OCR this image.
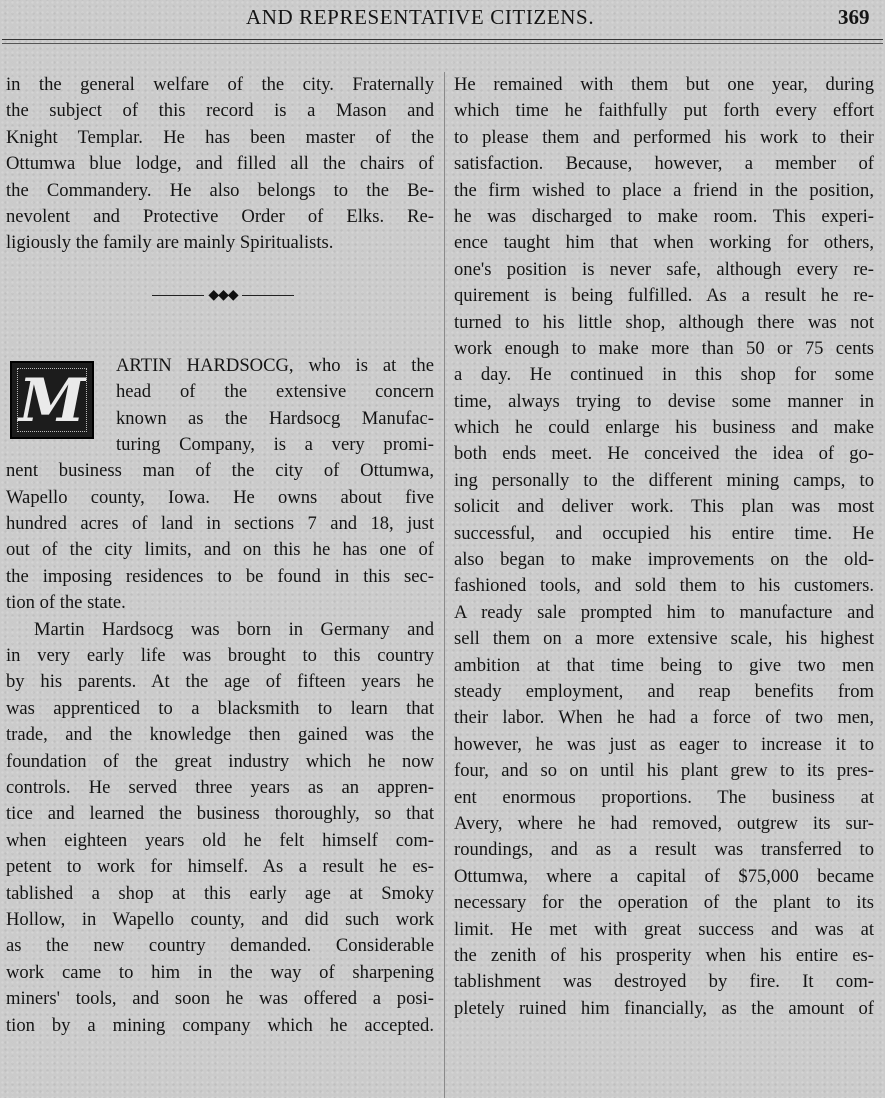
AND REPRESENTATIVE CITIZENS.	369
in the general welfare of the city. Fraternally
the subject of this record is a Mason and
Knight Templar. He has been master of the
Ottumwa blue lodge, and filled all the chairs of
the Commandery. He also belongs to the Be-
nevolent and Protective Order of Elks. Re-
ligiously the family are mainly Spiritualists.
◆◆◆
M
ARTIN HARDSOCG, who is at the
head of the extensive concern
known as the Hardsocg Manufac-
turing Company, is a very promi-
nent business man of the city of Ottumwa,
Wapello county, Iowa. He owns about five
hundred acres of land in sections 7 and 18, just
out of the city limits, and on this he has one of
the imposing residences to be found in this sec-
tion of the state.
Martin Hardsocg was born in Germany and
in very early life was brought to this country
by his parents. At the age of fifteen years he
was apprenticed to a blacksmith to learn that
trade, and the knowledge then gained was the
foundation of the great industry which he now
controls. He served three years as an appren-
tice and learned the business thoroughly, so that
when eighteen years old he felt himself com-
petent to work for himself. As a result he es-
tablished a shop at this early age at Smoky
Hollow, in Wapello county, and did such work
as the new country demanded. Considerable
work came to him in the way of sharpening
miners' tools, and soon he was offered a posi-
tion by a mining company which he accepted.
He remained with them but one year, during
which time he faithfully put forth every effort
to please them and performed his work to their
satisfaction. Because, however, a member of
the firm wished to place a friend in the position,
he was discharged to make room. This experi-
ence taught him that when working for others,
one's position is never safe, although every re-
quirement is being fulfilled. As a result he re-
turned to his little shop, although there was not
work enough to make more than 50 or 75 cents
a day. He continued in this shop for some
time, always trying to devise some manner in
which he could enlarge his business and make
both ends meet. He conceived the idea of go-
ing personally to the different mining camps, to
solicit and deliver work. This plan was most
successful, and occupied his entire time. He
also began to make improvements on the old-
fashioned tools, and sold them to his customers.
A ready sale prompted him to manufacture and
sell them on a more extensive scale, his highest
ambition at that time being to give two men
steady employment, and reap benefits from
their labor. When he had a force of two men,
however, he was just as eager to increase it to
four, and so on until his plant grew to its pres-
ent enormous proportions. The business at
Avery, where he had removed, outgrew its sur-
roundings, and as a result was transferred to
Ottumwa, where a capital of $75,000 became
necessary for the operation of the plant to its
limit. He met with great success and was at
the zenith of his prosperity when his entire es-
tablishment was destroyed by fire. It com-
pletely ruined him financially, as the amount of
